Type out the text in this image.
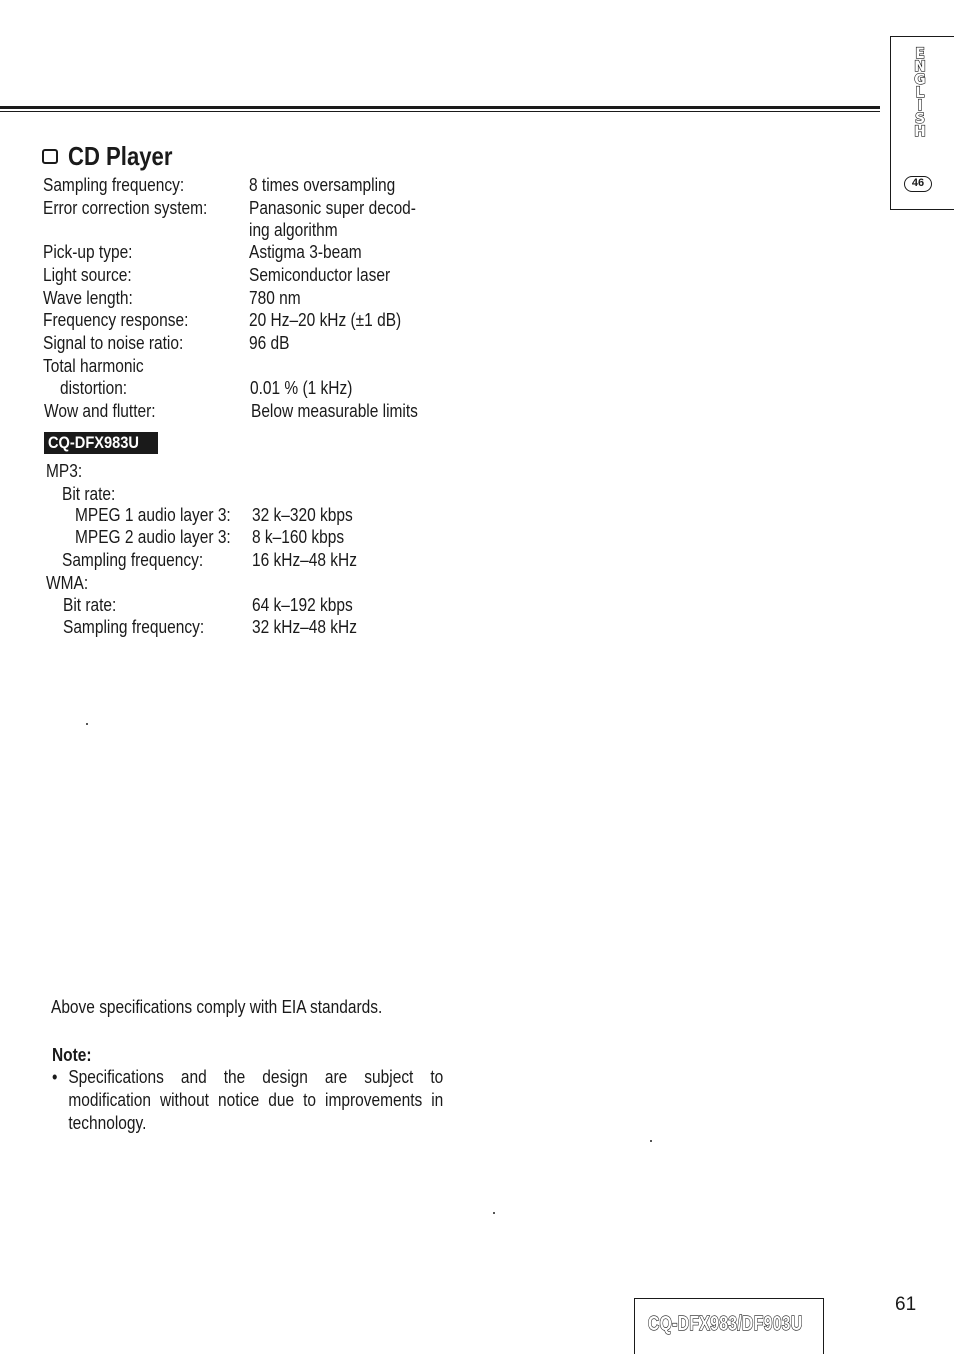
E
N
G
L
I
S
H
46
CD Player
Sampling frequency:	8 times oversampling
Error correction system: Panasonic super decod-
ing algorithm
Pick-up type:	Astigma 3-beam
Light source:	Semiconductor laser
Wave length:	780 nm
Frequency response:	20 Hz–20 kHz (±1 dB)
Signal to noise ratio:	96 dB
Total harmonic
distortion:	0.01 % (1 kHz)
Wow and flutter:	Below measurable limits
CQ-DFX983U
MP3:
Bit rate:
MPEG 1 audio layer 3: 32 k–320 kbps
MPEG 2 audio layer 3: 8 k–160 kbps
Sampling frequency:	16 kHz–48 kHz
WMA:
Bit rate:	64 k–192 kbps
Sampling frequency:	32 kHz–48 kHz
Above specifications comply with EIA standards.
Note:
• Specifications and the design are subject to modification without notice due to improvements in technology.
CQ-DFX983/DF903U
61
